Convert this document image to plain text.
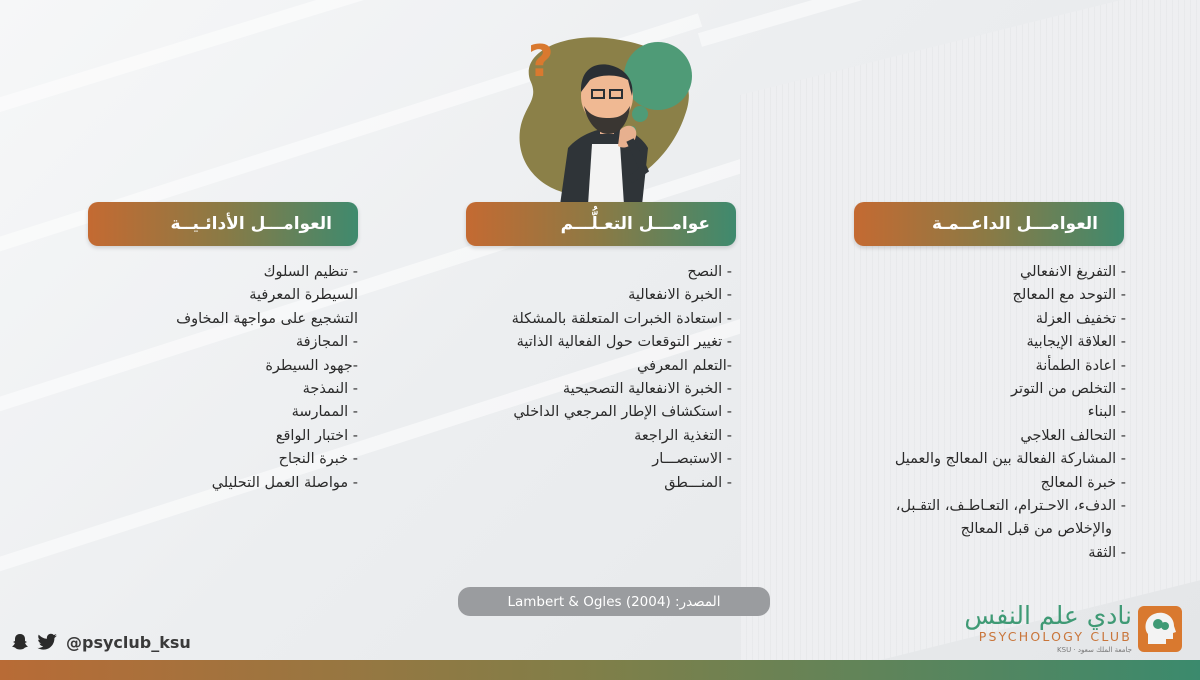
?
العوامـــل الداعــمـة
- التفريغ الانفعالي
- التوحد مع المعالج
- تخفيف العزلة
- العلاقة الإيجابية
- اعادة الطمأنة
- التخلص من التوتر
- البناء
- التحالف العلاجي
- المشاركة الفعالة بين المعالج والعميل
- خبرة المعالج
- الدفء، الاحـترام، التعـاطـف، التقـبل،
والإخلاص من قبل المعالج
- الثقة
عوامـــل التعـلُّـــم
- النصح
- الخبرة الانفعالية
- استعادة الخبرات المتعلقة بالمشكلة
- تغيير التوقعات حول الفعالية الذاتية
-التعلم المعرفي
- الخبرة الانفعالية التصحيحية
- استكشاف الإطار المرجعي الداخلي
- التغذية الراجعة
- الاستبصـــار
- المنـــطق
العوامـــل الأدائـيــة
- تنظيم السلوك
السيطرة المعرفية
التشجيع على مواجهة المخاوف
- المجازفة
-جهود السيطرة
- النمذجة
- الممارسة
- اختبار الواقع
- خبرة النجاح
- مواصلة العمل التحليلي
المصدر: Lambert & Ogles (2004)
@psyclub_ksu
نادي علم النفس
PSYCHOLOGY CLUB
KSU · جامعة الملك سعود
